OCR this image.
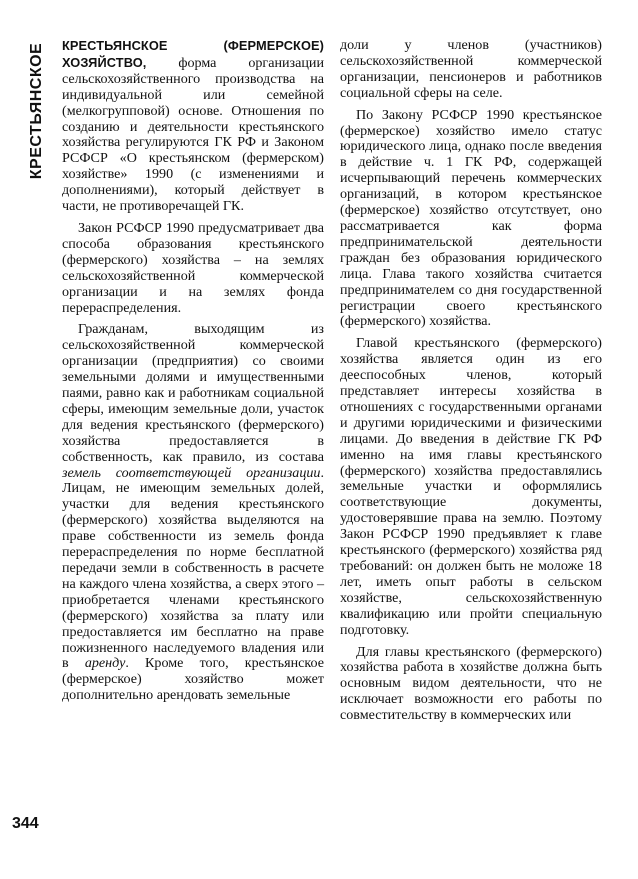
КРЕСТЬЯНСКОЕ КРЕСТЬЯНСКОЕ (ФЕРМЕРСКОЕ) ХОЗЯЙСТВО, форма организации сельскохозяйственного производства на индивидуальной или семейной (мелкогрупповой) основе. Отношения по созданию и деятельности крестьянского хозяйства регулируются ГК РФ и Законом РСФСР «О крестьянском (фермерском) хозяйстве» 1990 (с изменениями и дополнениями), который действует в части, не противоречащей ГК.

Закон РСФСР 1990 предусматривает два способа образования крестьянского (фермерского) хозяйства – на землях сельскохозяйственной коммерческой организации и на землях фонда перераспределения.

Гражданам, выходящим из сельскохозяйственной коммерческой организации (предприятия) со своими земельными долями и имущественными паями, равно как и работникам социальной сферы, имеющим земельные доли, участок для ведения крестьянского (фермерского) хозяйства предоставляется в собственность, как правило, из состава земель соответствующей организации. Лицам, не имеющим земельных долей, участки для ведения крестьянского (фермерского) хозяйства выделяются на праве собственности из земель фонда перераспределения по норме бесплатной передачи земли в собственность в расчете на каждого члена хозяйства, а сверх этого – приобретается членами крестьянского (фермерского) хозяйства за плату или предоставляется им бесплатно на праве пожизненного наследуемого владения или в аренду. Кроме того, крестьянское (фермерское) хозяйство может дополнительно арендовать земельные

доли у членов (участников) сельскохозяйственной коммерческой организации, пенсионеров и работников социальной сферы на селе.

По Закону РСФСР 1990 крестьянское (фермерское) хозяйство имело статус юридического лица, однако после введения в действие ч. 1 ГК РФ, содержащей исчерпывающий перечень коммерческих организаций, в котором крестьянское (фермерское) хозяйство отсутствует, оно рассматривается как форма предпринимательской деятельности граждан без образования юридического лица. Глава такого хозяйства считается предпринимателем со дня государственной регистрации своего крестьянского (фермерского) хозяйства.

Главой крестьянского (фермерского) хозяйства является один из его дееспособных членов, который представляет интересы хозяйства в отношениях с государственными органами и другими юридическими и физическими лицами. До введения в действие ГК РФ именно на имя главы крестьянского (фермерского) хозяйства предоставлялись земельные участки и оформлялись соответствующие документы, удостоверявшие права на землю. Поэтому Закон РСФСР 1990 предъявляет к главе крестьянского (фермерского) хозяйства ряд требований: он должен быть не моложе 18 лет, иметь опыт работы в сельском хозяйстве, сельскохозяйственную квалификацию или пройти специальную подготовку.

Для главы крестьянского (фермерского) хозяйства работа в хозяйстве должна быть основным видом деятельности, что не исключает возможности его работы по совместительству в коммерческих или

344
